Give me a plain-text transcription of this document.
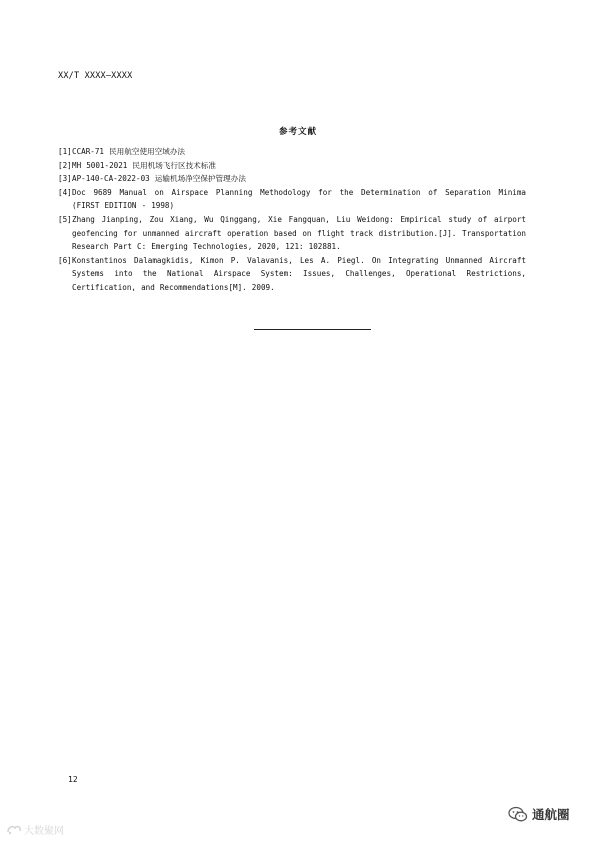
XX/T XXXX—XXXX
参考文献

[1] CCAR-71 民用航空使用空域办法

[2] MH 5001-2021 民用机场飞行区技术标准

[3] AP-140-CA-2022-03 运输机场净空保护管理办法

[4] Doc 9689 Manual on Airspace Planning Methodology for the Determination of Separation Minima (FIRST EDITION - 1998)

[5] Zhang Jianping, Zou Xiang, Wu Qinggang, Xie Fangquan, Liu Weidong: Empirical study of airport geofencing for unmanned aircraft operation based on flight track distribution.[J]. Transportation Research Part C: Emerging Technologies, 2020, 121: 102881.

[6] Konstantinos Dalamagkidis, Kimon P. Valavanis, Les A. Piegl. On Integrating Unmanned Aircraft Systems into the National Airspace System: Issues, Challenges, Operational Restrictions, Certification, and Recommendations[M]. 2009.

12
大数聚网
通航圈
